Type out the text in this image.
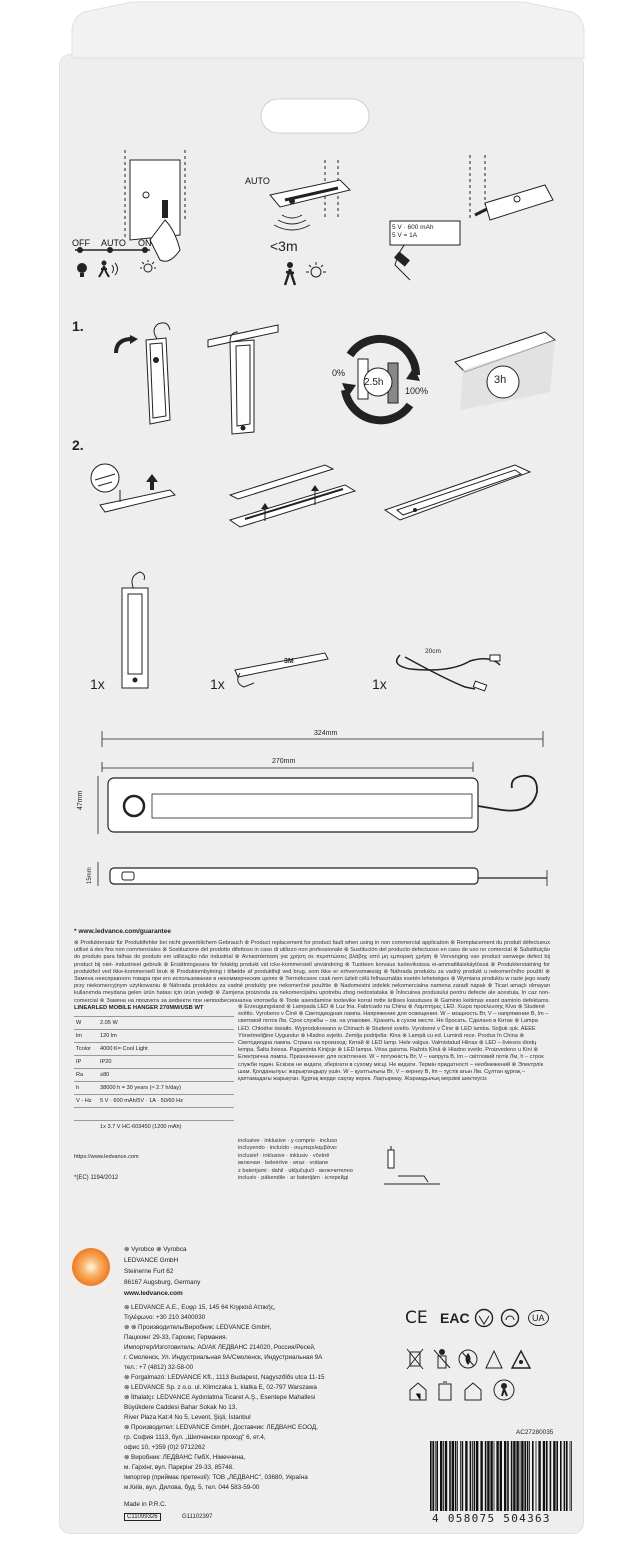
OFF AUTO ON

AUTO

<3m

5 V · 600 mAh
5 V = 1A

1.

0%

2.5h

100%

3h

2.

1x

3M

1x

20cm

1x

324mm

270mm

47mm

15mm

* www.ledvance.com/guarantee

⊗ Produktersatz für Produktfehler bei nicht gewerblichem Gebrauch ⊗ Product replacement for product fault when using in non commercial application ⊗ Remplacement du produit défectueux utilisé à des fins non commerciales ⊗ Sostituzione del prodotto difettoso in caso di utilizzo non professionale ⊗ Sustitución del producto defectuoso en caso de uso no comercial ⊗ Substituição do produto para falhas do produto em utilização não industrial ⊗ Αντικατάσταση για χρήση σε περιπτώσεις βλάβης από μη εμπορική χρήση ⊗ Vervanging van product vanwege defect bij product bij niet- industrieel gebruik ⊗ Ersättningsvara för felaktig produkt vid icke-kommersiell användning ⊗ Tuotteen korvaus tuotevikoissa ei-ammattilaiskäytössä ⊗ Produkterstatning for produktfeil ved ikke-kommersiell bruk ⊗ Produktombytning i tilfælde af produktfejl ved brug, som ikke er erhvervsmæssig ⊗ Náhrada produktu za vadný produkt u nekomerčního použití ⊗ Замена неисправного товара при его использовании в некоммерческих целях ⊗ Termékcsere csak nem üzleti célú felhasználás esetén lehetséges ⊗ Wymiana produktu w razie jego wady przy niekomercyjnym użytkowaniu ⊗ Náhrada produktov za vadné produkty pre nekomerčné použitie ⊗ Nadomestni izdelek nekomercialna namena zaradi napak ⊗ Ticari amaçlı olmayan kullanımda meydana gelen ürün hatası için ürün yedeği ⊗ Zamjena proizvoda za nekomercijalnu upotrebu zbog nedostataka ⊗ Înlocuirea produsului pentru defecte ale acestuia, în caz non-comercial ⊗ Замяна на продукта за дефекти при непрофесионална употреба ⊗ Toote asendamine tootevike korral mitte ärilises kasutuses ⊗ Gaminio keitimas esant gaminio defektams,

LINEARLED MOBILE HANGER 270MM/USB WT

W	2.05 W
lm	120 lm
Tcolor	4000 K= Cool Light
IP	IP20
Ra	≥80
h	38000 h = 30 years (≈ 2.7 h/day)
V - Hz	5 V · 600 mAh/5V · 1A · 50/60 Hz

	1x 3.7 V HC-603450 (1200 mAh)

https://www.ledvance.com

*(EC) 1194/2012

⊗ Erzeugungsland ⊗ Lampada LED ⊗ Luz fria. Fabricado na China ⊗ Λαμπτήρες LED. Χώρα προέλευσης Κίνα ⊗ Studené světlo. Vyrobeno v Číně ⊗ Светодиодная лампа. Напряжение для освещения. W – мощность Вт, V – напряжение В, lm – световой поток Лм. Срок службы – см. на упаковке. Хранить в сухом месте. Не бросать. Сделано в Китае ⊗ Lampa LED. Chłodne światło. Wyprodukowano w Chinach ⊗ Studené svetlo. Vyrobené v Číne ⊗ LED lamba. Soğuk ışık. AEEE Yönetmeliğine Uygundur ⊗ Hladno svjetlo. Zemlja podrijetla: Kina ⊗ Lampă cu ed. Lumină rece. Produs în China ⊗ Светодиодна лампа. Страна на произход: Китай ⊗ LED lamp. Hele valgus. Valmistatud Hiinas ⊗ LED – šviesos diodų lempa. Šalta šviesa. Pagaminta Kinijoje ⊗ LED lampa. Vēsa gaisma. Ražots Ķīnā ⊗ Hladno svetlo. Proizvedeno u Kini ⊗ Електрична лампа. Призначення: для освітлення. W – потужність Вт, V – напруга В, lm – світловий потік Лм, h – строк служби годин. Ескізок не кидати, зберігати в сухому місці. Не кидати. Термін придатності – необмежений ⊗ Электрлік шам. Қолданылуы: жарықтандыру үшін. W – қуаттылығы Вт, V – кернеу В, lm – тұстік ағын Лм. Сұлтан құрғақ – қаптамадағы жарықтан. Құрғақ жерде сақтау керек. Лақтырмау. Жарамдылық мерзімі шектеусіз

inclusive · inklusive · y compris · incluso
incluyendo · incluído · συμπεριλαμβάνει
inclusief · inklusive · inklusiv · včetně
включая · beleértve · wraz · vrátane
z baterijami · dahil · uključujući · включително
inclusiv · päkendile · ar baterijām · ієтерейді

⊗ Vyrobce ⊗ Vyrobca

LEDVANCE GmbH

Steinerne Furt 62

86167 Augsburg, Germany

www.ledvance.com

⊗ LEDVANCE A.E., Ευφρ 15, 145 64 Κηφισιά Αττικής,

Τηλέφωνο: +30 210 3400030

⊗ ⊗ Производитель/Виробник: LEDVANCE GmbH,

Пацкхинг 29-33, Гархинг, Германия.

Импортер/Изготовитель: АО/АК ЛЕДВАНС 214020, Россия/Ресей,

г. Смоленск, Ул. Индустриальная 9А/Смоленск, Индустриальная 9А

тел.: +7 (4812) 32-58-00

⊗ Forgalmazó: LEDVANCE Kft., 1113 Budapest, Nagyszőlős utca 11-15

⊗ LEDVANCE Sp. z o.o. ul. Klimczaka 1, klatka E, 02-797 Warszawa

⊗ İthalatçı: LEDVANCE Aydınlatma Ticaret A.Ş., Esentepe Mahallesi

Büyükdere Caddesi Bahar Sokak No 13,

River Plaza Kat:4 No 5, Levent, Şişli, İstanbul

⊗ Производител: LEDVANCE GmbH, Доставчик: ЛЕДВАНС ЕООД,

гр. София 1113, бул. „Шипченски проход" 6, ет.4,

офис 10, +359 (0)2 9712262

⊗ Виробник: ЛЕДВАНС ГмбХ, Німеччина,

м. Гархінг, вул. Паркрінг 29-33, 85748.

Імпортер (приймає претензії): ТОВ „ЛЕДВАНС", 03680, Україна

м.Київ, вул. Дилова, буд. 5, тел. 044 583-59-00

Made in P.R.C.

C11099326	G11102397

CE EAC	UA

AC27280035

4 058075 504363
